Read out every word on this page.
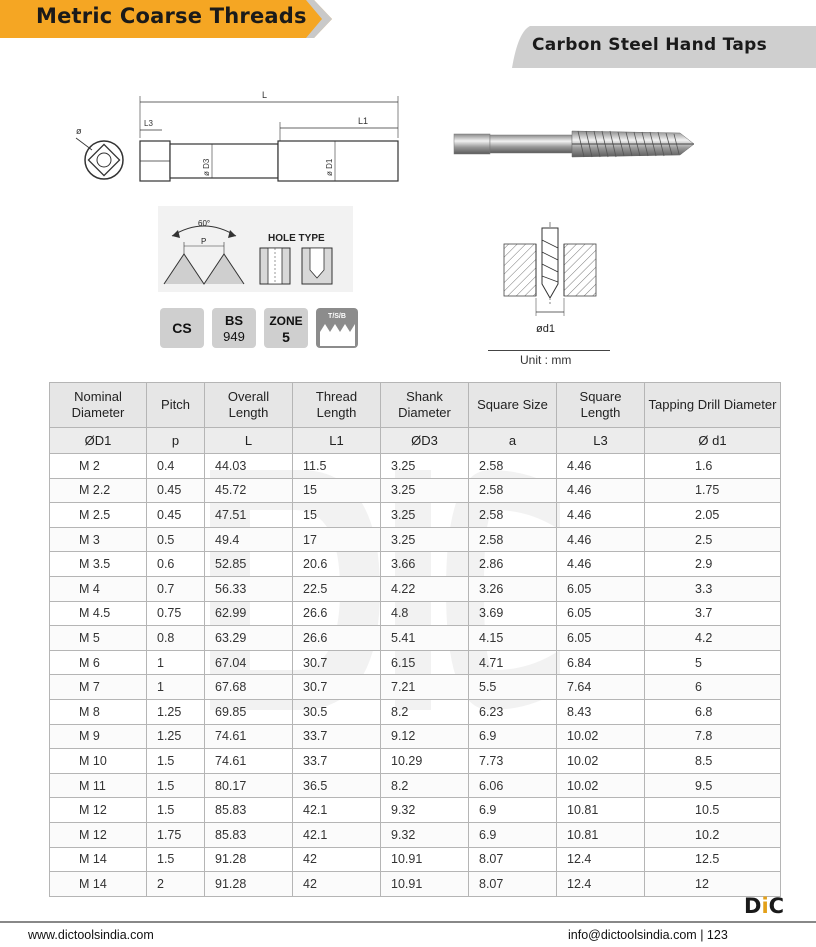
Metric Coarse Threads
Carbon Steel Hand Taps
ø
L
L1
L3
ø D3	ø D1
ød1
Unit : mm
60°
P	HOLE TYPE
CS	BS
949
ZONE
5
T/S/B
Nominal Diameter	Pitch	Overall Length	Thread Length	Shank Diameter	Square Size	Square Length	Tapping Drill Diameter
ØD1	p	L	L1	ØD3	a	L3	Ø d1
M 2	0.4	44.03	11.5	3.25	2.58	4.46	1.6
M 2.2	0.45	45.72	15	3.25	2.58	4.46	1.75
M 2.5	0.45	47.51	15	3.25	2.58	4.46	2.05
M 3	0.5	49.4	17	3.25	2.58	4.46	2.5
M 3.5	0.6	52.85	20.6	3.66	2.86	4.46	2.9
M 4	0.7	56.33	22.5	4.22	3.26	6.05	3.3
M 4.5	0.75	62.99	26.6	4.8	3.69	6.05	3.7
M 5	0.8	63.29	26.6	5.41	4.15	6.05	4.2
M 6	1	67.04	30.7	6.15	4.71	6.84	5
M 7	1	67.68	30.7	7.21	5.5	7.64	6
M 8	1.25	69.85	30.5	8.2	6.23	8.43	6.8
M 9	1.25	74.61	33.7	9.12	6.9	10.02	7.8
M 10	1.5	74.61	33.7	10.29	7.73	10.02	8.5
M 11	1.5	80.17	36.5	8.2	6.06	10.02	9.5
M 12	1.5	85.83	42.1	9.32	6.9	10.81	10.5
M 12	1.75	85.83	42.1	9.32	6.9	10.81	10.2
M 14	1.5	91.28	42	10.91	8.07	12.4	12.5
M 14	2	91.28	42	10.91	8.07	12.4	12
DiC
www.dictoolsindia.com	info@dictoolsindia.com | 123
